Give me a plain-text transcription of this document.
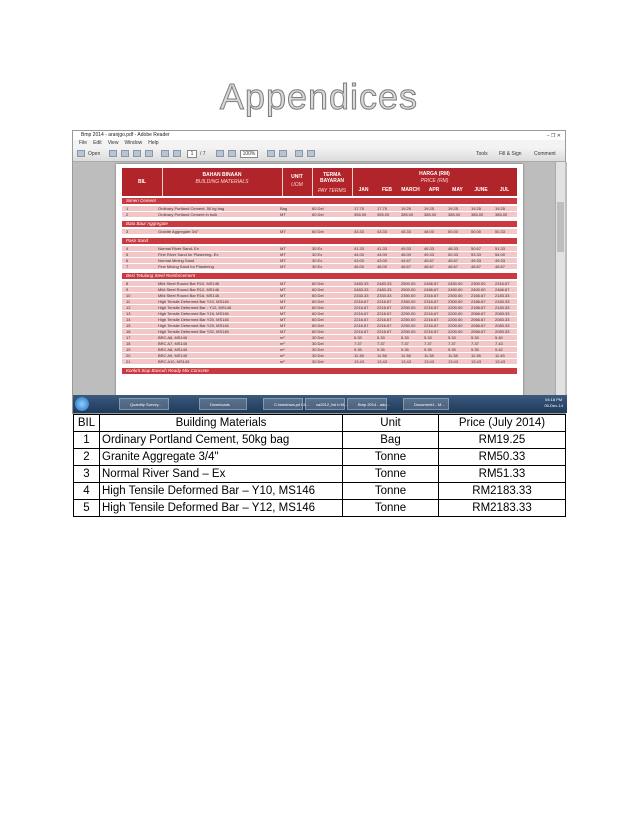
Appendices
Bmp 2014 - aranjgo.pdf - Adobe Reader	– ❐ ✕
File Edit View Window Help
Open	1	/ 7	100%	Tools Fill & Sign Comment
BIL
BAHAN BINAAN
BUILDING MATERIALS
UNIT
UOM
TERMA BAYARAN
PAY TERMS
HARGA (RM)
PRICE (RM)
JAN	FEB	MARCH	APR	MAY	JUNE	JUL
Simen Cement
1	Ordinary Portland Cement, 50 kg bag	Bag	60 Del	17.75	17.75	19.25	19.25	19.25	19.25	19.25
2	Ordinary Portland Cement in bulk	MT	60 Del	355.00	355.00	385.00	385.00	385.00	385.00	385.00
Batu Baur Aggregate
3	Granite Aggregate 3/4"	MT	60 Del	43.33	43.33	45.33	48.00	50.00	50.00	50.33
Pasir Sand
4	Normal River Sand- Ex	MT	30 Ex	41.33	41.33	49.33	46.33	48.33	50.67	51.33
5	Fine River Sand for Plastering- Ex	MT	30 Ex	44.00	44.00	46.00	49.33	50.33	53.33	54.00
6	Normal Mining Sand	MT	30 Ex	43.00	43.00	44.67	45.67	45.67	49.33	49.33
7	Fine Mining Sand for Plastering	MT	30 Ex	46.00	46.00	46.67	46.67	46.67	46.67	46.67
Besi Tetulang Steel Reinforcement
8	Mild Steel Round Bar R10, MS146	MT	60 Del	2483.33 2483.33 2500.00 2466.67 2450.00 2300.00 2316.67
9	Mild Steel Round Bar R12, MS146	MT	60 Del	2483.33 2483.33 2500.00 2466.67 2450.00 2400.00 2466.67
10	Mild Steel Round Bar R16, MS146	MT	60 Del	2333.33 2333.33 2350.00 2316.67 2300.00 2166.67 2183.33
11	High Tensile Deformed Bar Y10, MS146	MT	60 Del	2216.67 2216.67 2350.00 2316.67 2300.00 2166.67 2183.33
12	High Tensile Deformed Bar - Y12, MS146	MT	60 Del	2216.67 2216.67 2250.00 2216.67 2200.00 2166.67 2183.33
13	High Tensile Deformed Bar Y16, MS146	MT	60 Del	2216.67 2216.67 2250.00 2216.67 2200.00 2066.67 2083.33
14	High Tensile Deformed Bar Y20, MS146	MT	60 Del	2216.67 2216.67 2250.00 2216.67 2200.00 2066.67 2083.33
15	High Tensile Deformed Bar Y25, MS146	MT	60 Del	2216.67 2216.67 2250.00 2216.67 2200.00 2066.67 2083.33
16	High Tensile Deformed Bar Y32, MS146	MT	60 Del	2216.67 2216.67 2250.00 2216.67 2200.00 2066.67 2083.33
17	BRC A6, MS145	m²	30 Del	5.33	5.33	5.33	5.33	5.33	5.33	5.40
18	BRC A7, MS145	m²	30 Del	7.37	7.37	7.37	7.37	7.37	7.37	7.43
19	BRC A8, MS145	m²	30 Del	9.35	9.35	9.35	9.35	9.35	9.35	9.42
20	BRC A9, MS145	m²	30 Del	11.38	11.38	11.38	11.38	11.38	11.38	11.45
21	BRC A10, MS145	m²	30 Del	13.43	13.43	13.43	13.43	13.43	13.43	13.43
Konkrit Siap Bancuh Ready Mix Concrete
Quantity Survey...	Downloads	C:\windows.pd L5...	ca2012_list b M...	Bmp 2014 - adu...	Document1 - M...
04:18 PM
05-Dec-14
BIL	Building Materials	Unit	Price (July 2014)
1	Ordinary Portland Cement, 50kg bag	Bag	RM19.25
2	Granite Aggregate 3/4"	Tonne	RM50.33
3	Normal River Sand – Ex	Tonne	RM51.33
4	High Tensile Deformed Bar – Y10, MS146	Tonne	RM2183.33
5	High Tensile Deformed Bar – Y12, MS146	Tonne	RM2183.33
